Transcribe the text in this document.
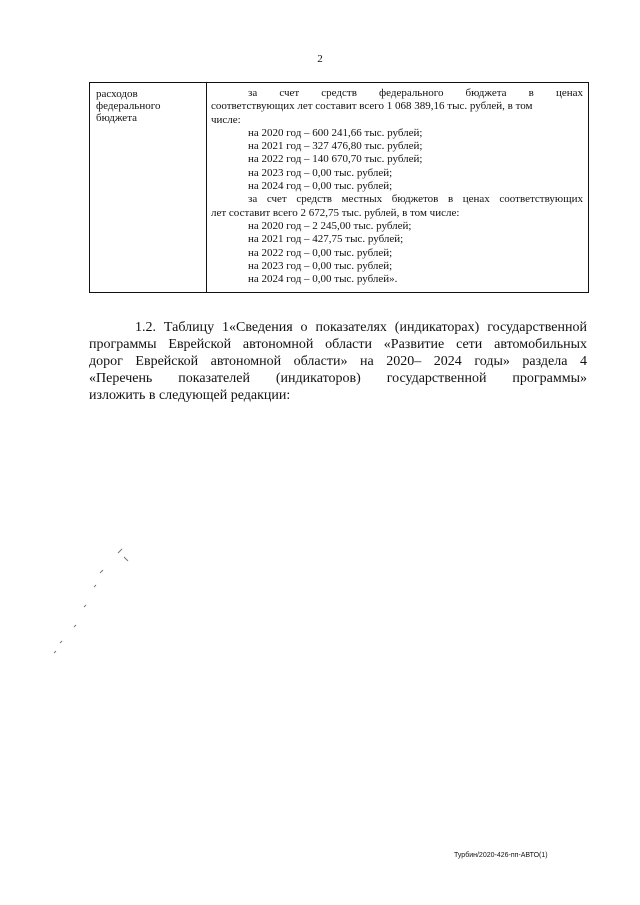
2
расходов
федерального
бюджета
за счет средств федерального бюджета в ценах
соответствующих лет составит всего 1 068 389,16 тыс. рублей, в том
числе:
на 2020 год – 600 241,66 тыс. рублей;
на 2021 год – 327 476,80 тыс. рублей;
на 2022 год – 140 670,70 тыс. рублей;
на 2023 год – 0,00 тыс. рублей;
на 2024 год – 0,00 тыс. рублей;
за счет средств местных бюджетов в ценах соответствующих
лет составит всего 2 672,75 тыс. рублей, в том числе:
на 2020 год – 2 245,00 тыс. рублей;
на 2021 год – 427,75 тыс. рублей;
на 2022 год – 0,00 тыс. рублей;
на 2023 год – 0,00 тыс. рублей;
на 2024 год – 0,00 тыс. рублей».
1.2. Таблицу 1«Сведения о показателях (индикаторах) государственной
программы Еврейской автономной области «Развитие сети автомобильных
дорог Еврейской автономной области» на 2020– 2024 годы» раздела 4
«Перечень показателей (индикаторов) государственной программы»
изложить в следующей редакции:
Турбин/2020-426-пп-АВТО(1)
